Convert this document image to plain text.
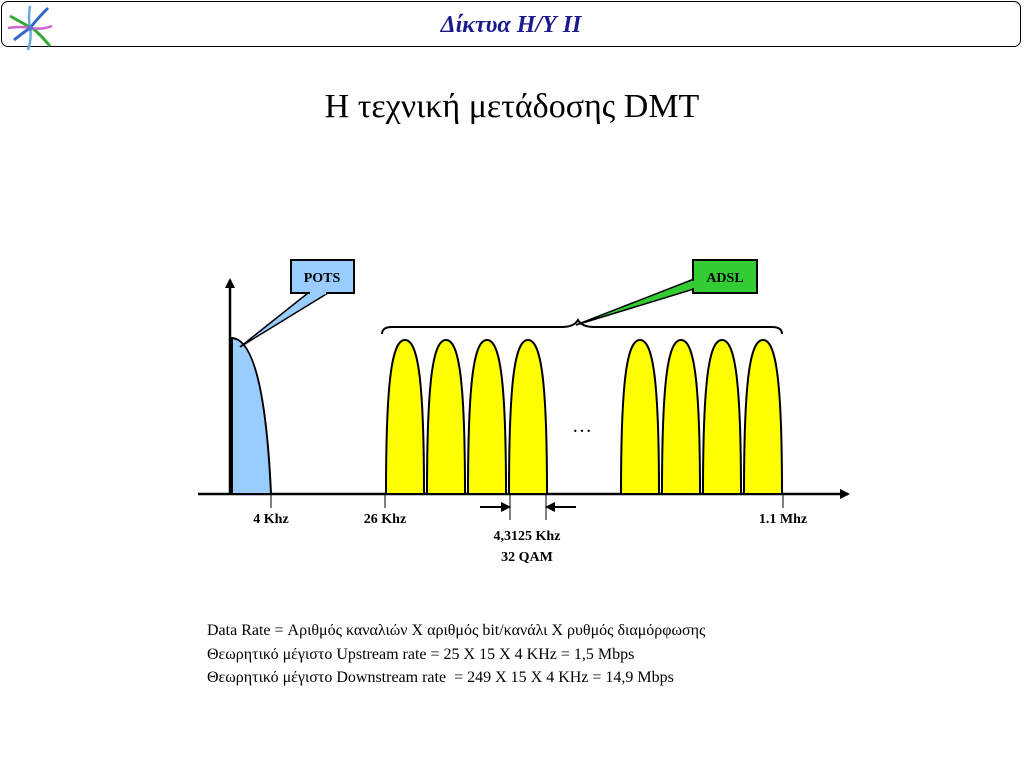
Δίκτυα Η/Υ ΙΙ
Η τεχνική μετάδοσης DMT
POTS	ADSL
…
4 Khz	26 Khz
4,3125 Khz
32 QAM
1.1 Mhz
Data Rate = Αριθμός καναλιών Χ αριθμός bit/κανάλι Χ ρυθμός διαμόρφωσης
Θεωρητικό μέγιστο Upstream rate = 25 X 15 X 4 KHz = 1,5 Mbps
Θεωρητικό μέγιστο Downstream rate  = 249 X 15 X 4 KHz = 14,9 Mbps
